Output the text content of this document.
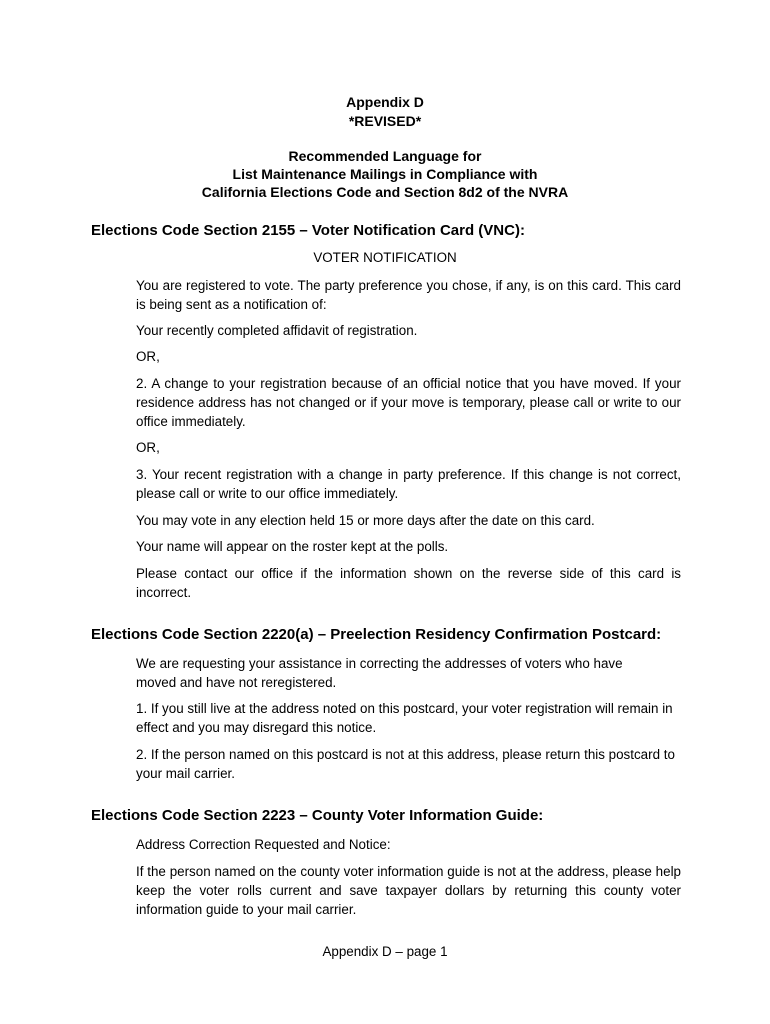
Appendix D
*REVISED*
Recommended Language for
List Maintenance Mailings in Compliance with
California Elections Code and Section 8d2 of the NVRA
Elections Code Section 2155 – Voter Notification Card (VNC):
VOTER NOTIFICATION
You are registered to vote. The party preference you chose, if any, is on this card. This card is being sent as a notification of:
Your recently completed affidavit of registration.
OR,
2. A change to your registration because of an official notice that you have moved. If your residence address has not changed or if your move is temporary, please call or write to our office immediately.
OR,
3. Your recent registration with a change in party preference. If this change is not correct, please call or write to our office immediately.
You may vote in any election held 15 or more days after the date on this card.
Your name will appear on the roster kept at the polls.
Please contact our office if the information shown on the reverse side of this card is incorrect.
Elections Code Section 2220(a) – Preelection Residency Confirmation Postcard:
We are requesting your assistance in correcting the addresses of voters who have moved and have not reregistered.
1. If you still live at the address noted on this postcard, your voter registration will remain in effect and you may disregard this notice.
2. If the person named on this postcard is not at this address, please return this postcard to your mail carrier.
Elections Code Section 2223 – County Voter Information Guide:
Address Correction Requested and Notice:
If the person named on the county voter information guide is not at the address, please help keep the voter rolls current and save taxpayer dollars by returning this county voter information guide to your mail carrier.
Appendix D – page 1
